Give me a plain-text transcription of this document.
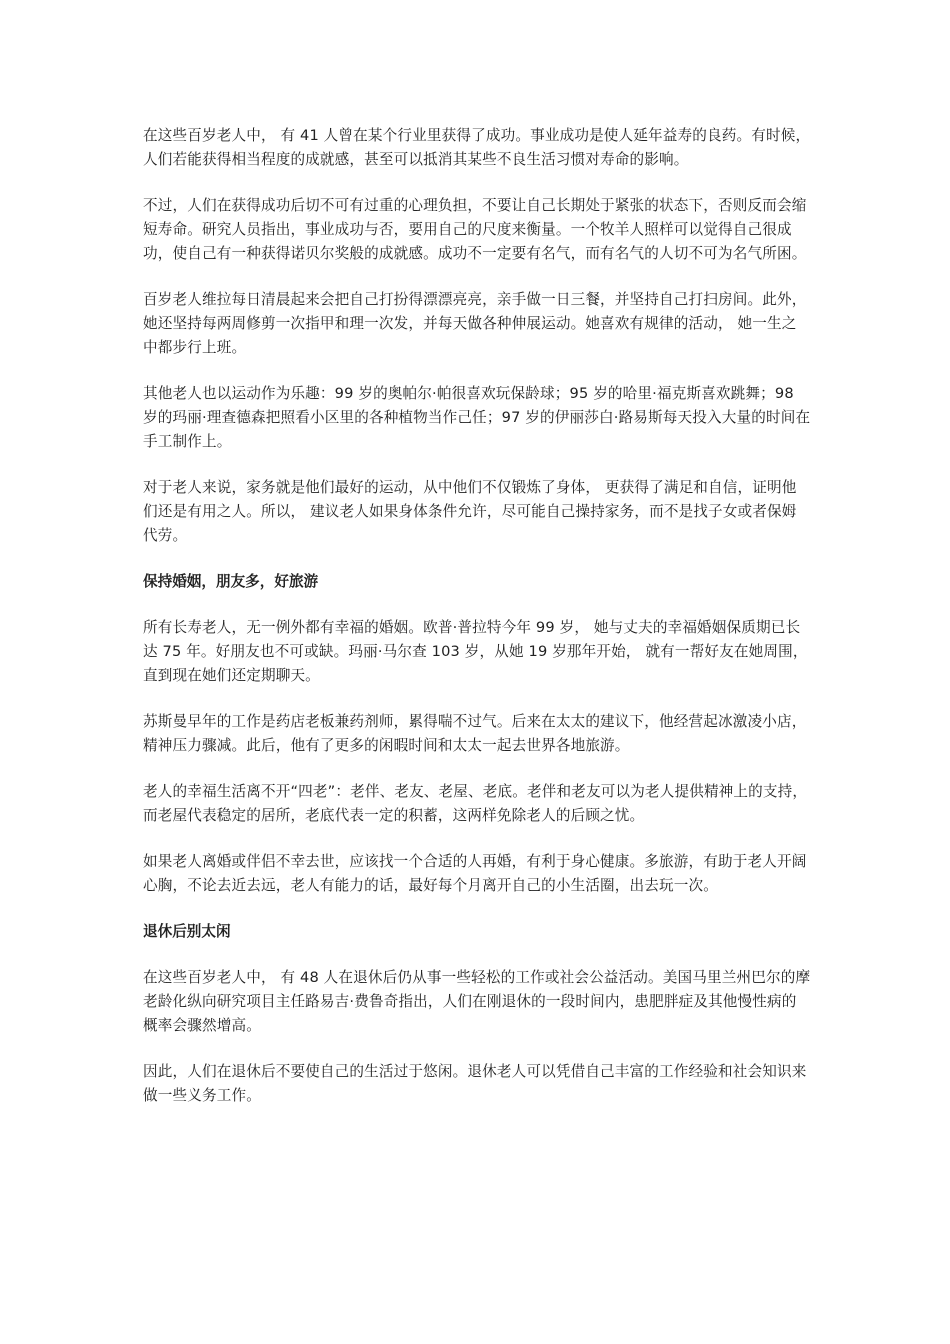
在这些百岁老人中， 有 41 人曾在某个行业里获得了成功。事业成功是使人延年益寿的良药。有时候，人们若能获得相当程度的成就感，甚至可以抵消其某些不良生活习惯对寿命的影响。

不过，人们在获得成功后切不可有过重的心理负担，不要让自己长期处于紧张的状态下，否则反而会缩短寿命。研究人员指出，事业成功与否，要用自己的尺度来衡量。一个牧羊人照样可以觉得自己很成功，使自己有一种获得诺贝尔奖般的成就感。成功不一定要有名气，而有名气的人切不可为名气所困。

百岁老人维拉每日清晨起来会把自己打扮得漂漂亮亮，亲手做一日三餐，并坚持自己打扫房间。此外，她还坚持每两周修剪一次指甲和理一次发，并每天做各种伸展运动。她喜欢有规律的活动， 她一生之中都步行上班。

其他老人也以运动作为乐趣：99 岁的奥帕尔·帕很喜欢玩保龄球；95 岁的哈里·福克斯喜欢跳舞；98 岁的玛丽·理查德森把照看小区里的各种植物当作己任；97 岁的伊丽莎白·路易斯每天投入大量的时间在手工制作上。

对于老人来说，家务就是他们最好的运动，从中他们不仅锻炼了身体， 更获得了满足和自信，证明他们还是有用之人。所以， 建议老人如果身体条件允许，尽可能自己操持家务，而不是找子女或者保姆代劳。

保持婚姻，朋友多，好旅游

所有长寿老人，无一例外都有幸福的婚姻。欧普·普拉特今年 99 岁， 她与丈夫的幸福婚姻保质期已长达 75 年。好朋友也不可或缺。玛丽·马尔查 103 岁，从她 19 岁那年开始， 就有一帮好友在她周围，直到现在她们还定期聊天。

苏斯曼早年的工作是药店老板兼药剂师，累得喘不过气。后来在太太的建议下，他经营起冰激凌小店， 精神压力骤减。此后，他有了更多的闲暇时间和太太一起去世界各地旅游。

老人的幸福生活离不开“四老”：老伴、老友、老屋、老底。老伴和老友可以为老人提供精神上的支持，而老屋代表稳定的居所，老底代表一定的积蓄，这两样免除老人的后顾之忧。

如果老人离婚或伴侣不幸去世，应该找一个合适的人再婚，有利于身心健康。多旅游，有助于老人开阔心胸，不论去近去远，老人有能力的话，最好每个月离开自己的小生活圈，出去玩一次。

退休后别太闲

在这些百岁老人中， 有 48 人在退休后仍从事一些轻松的工作或社会公益活动。美国马里兰州巴尔的摩老龄化纵向研究项目主任路易吉·费鲁奇指出，人们在刚退休的一段时间内，患肥胖症及其他慢性病的概率会骤然增高。

因此，人们在退休后不要使自己的生活过于悠闲。退休老人可以凭借自己丰富的工作经验和社会知识来做一些义务工作。
